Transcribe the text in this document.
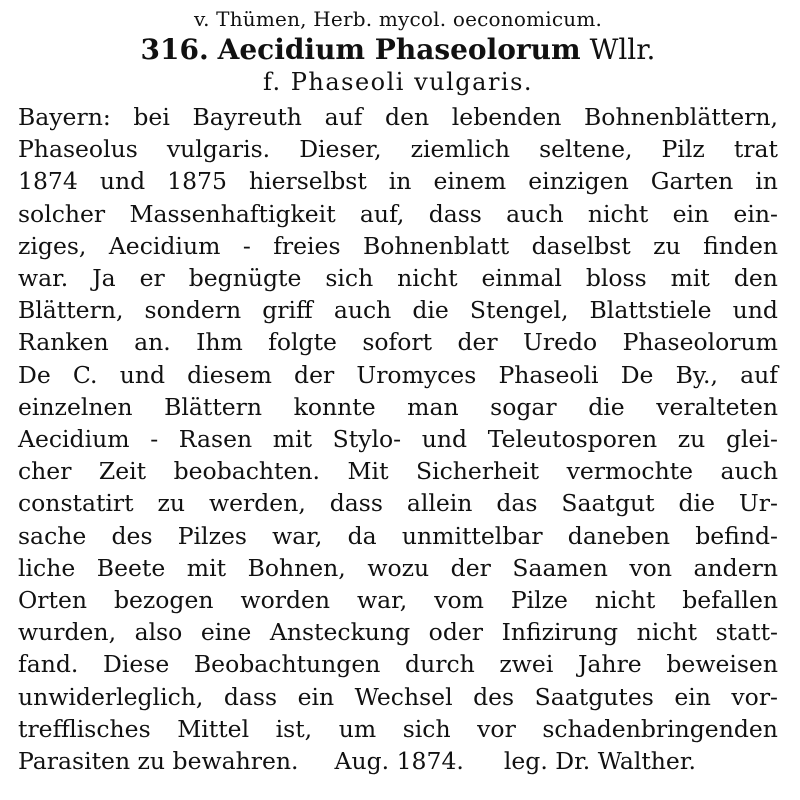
v. Thümen, Herb. mycol. oeconomicum.
316. Aecidium Phaseolorum Wllr.
f. Phaseoli vulgaris.
Bayern: bei Bayreuth auf den lebenden Bohnenblättern,
Phaseolus vulgaris. Dieser, ziemlich seltene, Pilz trat
1874 und 1875 hierselbst in einem einzigen Garten in
solcher Massenhaftigkeit auf, dass auch nicht ein ein-
ziges, Aecidium - freies Bohnenblatt daselbst zu finden
war. Ja er begnügte sich nicht einmal bloss mit den
Blättern, sondern griff auch die Stengel, Blattstiele und
Ranken an. Ihm folgte sofort der Uredo Phaseolorum
De C. und diesem der Uromyces Phaseoli De By., auf
einzelnen Blättern konnte man sogar die veralteten
Aecidium - Rasen mit Stylo- und Teleutosporen zu glei-
cher Zeit beobachten. Mit Sicherheit vermochte auch
constatirt zu werden, dass allein das Saatgut die Ur-
sache des Pilzes war, da unmittelbar daneben befind-
liche Beete mit Bohnen, wozu der Saamen von andern
Orten bezogen worden war, vom Pilze nicht befallen
wurden, also eine Ansteckung oder Infizirung nicht statt-
fand. Diese Beobachtungen durch zwei Jahre beweisen
unwiderleglich, dass ein Wechsel des Saatgutes ein vor-
trefflisches Mittel ist, um sich vor schadenbringenden
Parasiten zu bewahren. Aug. 1874. leg. Dr. Walther.
